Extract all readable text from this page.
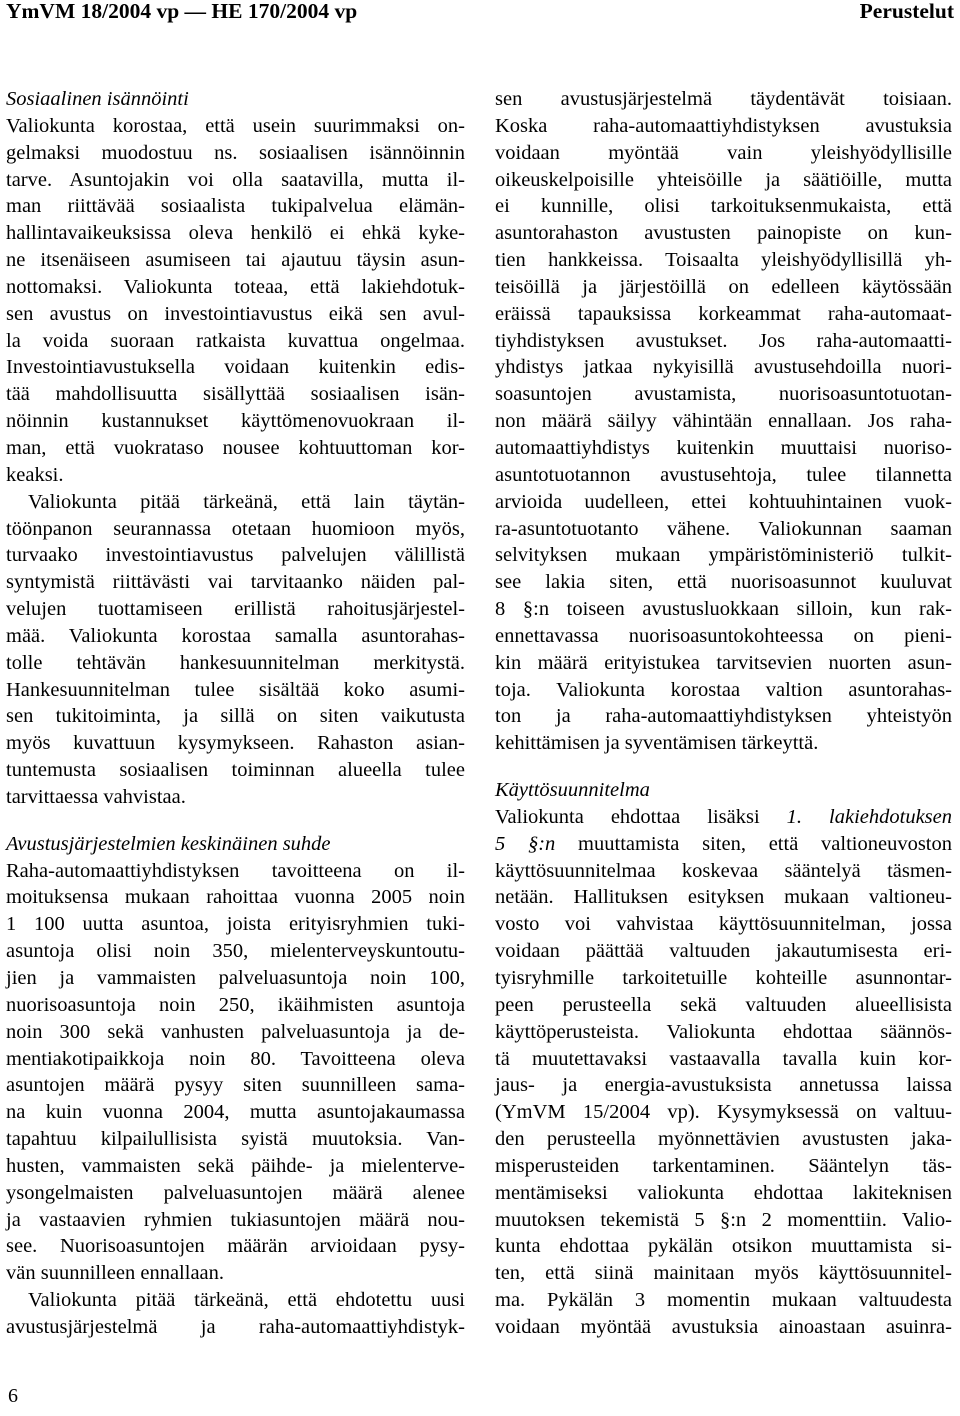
YmVM 18/2004 vp — HE 170/2004 vp	Perustelut
Sosiaalinen isännöinti
Valiokunta korostaa, että usein suurimmaksi on-
gelmaksi muodostuu ns. sosiaalisen isännöinnin
tarve. Asuntojakin voi olla saatavilla, mutta il-
man riittävää sosiaalista tukipalvelua elämän-
hallintavaikeuksissa oleva henkilö ei ehkä kyke-
ne itsenäiseen asumiseen tai ajautuu täysin asun-
nottomaksi. Valiokunta toteaa, että lakiehdotuk-
sen avustus on investointiavustus eikä sen avul-
la voida suoraan ratkaista kuvattua ongelmaa.
Investointiavustuksella voidaan kuitenkin edis-
tää mahdollisuutta sisällyttää sosiaalisen isän-
nöinnin kustannukset käyttömenovuokraan il-
man, että vuokrataso nousee kohtuuttoman kor-
keaksi.
Valiokunta pitää tärkeänä, että lain täytän-
töönpanon seurannassa otetaan huomioon myös,
turvaako investointiavustus palvelujen välillistä
syntymistä riittävästi vai tarvitaanko näiden pal-
velujen tuottamiseen erillistä rahoitusjärjestel-
mää. Valiokunta korostaa samalla asuntorahas-
tolle tehtävän hankesuunnitelman merkitystä.
Hankesuunnitelman tulee sisältää koko asumi-
sen tukitoiminta, ja sillä on siten vaikutusta
myös kuvattuun kysymykseen. Rahaston asian-
tuntemusta sosiaalisen toiminnan alueella tulee
tarvittaessa vahvistaa.
Avustusjärjestelmien keskinäinen suhde
Raha-automaattiyhdistyksen tavoitteena on il-
moituksensa mukaan rahoittaa vuonna 2005 noin
1 100 uutta asuntoa, joista erityisryhmien tuki-
asuntoja olisi noin 350, mielenterveyskuntoutu-
jien ja vammaisten palveluasuntoja noin 100,
nuorisoasuntoja noin 250, ikäihmisten asuntoja
noin 300 sekä vanhusten palveluasuntoja ja de-
mentiakotipaikkoja noin 80. Tavoitteena oleva
asuntojen määrä pysyy siten suunnilleen sama-
na kuin vuonna 2004, mutta asuntojakaumassa
tapahtuu kilpailullisista syistä muutoksia. Van-
husten, vammaisten sekä päihde- ja mielenterve-
ysongelmaisten palveluasuntojen määrä alenee
ja vastaavien ryhmien tukiasuntojen määrä nou-
see. Nuorisoasuntojen määrän arvioidaan pysy-
vän suunnilleen ennallaan.
Valiokunta pitää tärkeänä, että ehdotettu uusi
avustusjärjestelmä ja raha-automaattiyhdistyk-
sen avustusjärjestelmä täydentävät toisiaan.
Koska raha-automaattiyhdistyksen avustuksia
voidaan myöntää vain yleishyödyllisille
oikeuskelpoisille yhteisöille ja säätiöille, mutta
ei kunnille, olisi tarkoituksenmukaista, että
asuntorahaston avustusten painopiste on kun-
tien hankkeissa. Toisaalta yleishyödyllisillä yh-
teisöillä ja järjestöillä on edelleen käytössään
eräissä tapauksissa korkeammat raha-automaat-
tiyhdistyksen avustukset. Jos raha-automaatti-
yhdistys jatkaa nykyisillä avustusehdoilla nuori-
soasuntojen avustamista, nuorisoasuntotuotan-
non määrä säilyy vähintään ennallaan. Jos raha-
automaattiyhdistys kuitenkin muuttaisi nuoriso-
asuntotuotannon avustusehtoja, tulee tilannetta
arvioida uudelleen, ettei kohtuuhintainen vuok-
ra-asuntotuotanto vähene. Valiokunnan saaman
selvityksen mukaan ympäristöministeriö tulkit-
see lakia siten, että nuorisoasunnot kuuluvat
8 §:n toiseen avustusluokkaan silloin, kun rak-
ennettavassa nuorisoasuntokohteessa on pieni-
kin määrä erityistukea tarvitsevien nuorten asun-
toja. Valiokunta korostaa valtion asuntorahas-
ton ja raha-automaattiyhdistyksen yhteistyön
kehittämisen ja syventämisen tärkeyttä.
Käyttösuunnitelma
Valiokunta ehdottaa lisäksi 1. lakiehdotuksen
5 §:n muuttamista siten, että valtioneuvoston
käyttösuunnitelmaa koskevaa sääntelyä täsmen-
netään. Hallituksen esityksen mukaan valtioneu-
vosto voi vahvistaa käyttösuunnitelman, jossa
voidaan päättää valtuuden jakautumisesta eri-
tyisryhmille tarkoitetuille kohteille asunnontar-
peen perusteella sekä valtuuden alueellisista
käyttöperusteista. Valiokunta ehdottaa säännös-
tä muutettavaksi vastaavalla tavalla kuin kor-
jaus- ja energia-avustuksista annetussa laissa
(YmVM 15/2004 vp). Kysymyksessä on valtuu-
den perusteella myönnettävien avustusten jaka-
misperusteiden tarkentaminen. Sääntelyn täs-
mentämiseksi valiokunta ehdottaa lakiteknisen
muutoksen tekemistä 5 §:n 2 momenttiin. Valio-
kunta ehdottaa pykälän otsikon muuttamista si-
ten, että siinä mainitaan myös käyttösuunnitel-
ma. Pykälän 3 momentin mukaan valtuudesta
voidaan myöntää avustuksia ainoastaan asuinra-
6
